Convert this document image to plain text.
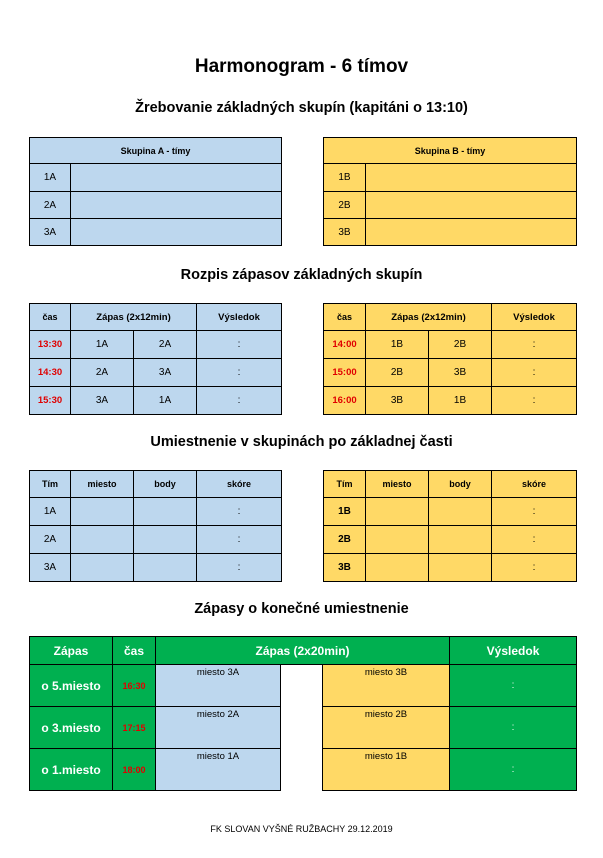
Harmonogram - 6 tímov
Žrebovanie základných skupín (kapitáni o 13:10)
Skupina A - tímy	
1A	
2A	
3A	
Skupina B - tímy	
1B	
2B	
3B	
Rozpis zápasov základných skupín
čas	Zápas (2x12min)		Výsledok
13:30	1A	2A	:
14:30	2A	3A	:
15:30	3A	1A	:
čas	Zápas (2x12min)		Výsledok
14:00	1B	2B	:
15:00	2B	3B	:
16:00	3B	1B	:
Umiestnenie v skupinách po základnej časti
Tím	miesto	body	skóre
1A			:
2A			:
3A			:
Tím	miesto	body	skóre
1B			:
2B			:
3B			:
Zápasy o konečné umiestnenie
Zápas	čas	Zápas (2x20min)			Výsledok
o 5.miesto	16:30	miesto 3A		miesto 3B	:
o 3.miesto	17:15	miesto 2A		miesto 2B	:
o 1.miesto	18:00	miesto 1A		miesto 1B	:
FK SLOVAN VYŠNÉ RUŽBACHY 29.12.2019
